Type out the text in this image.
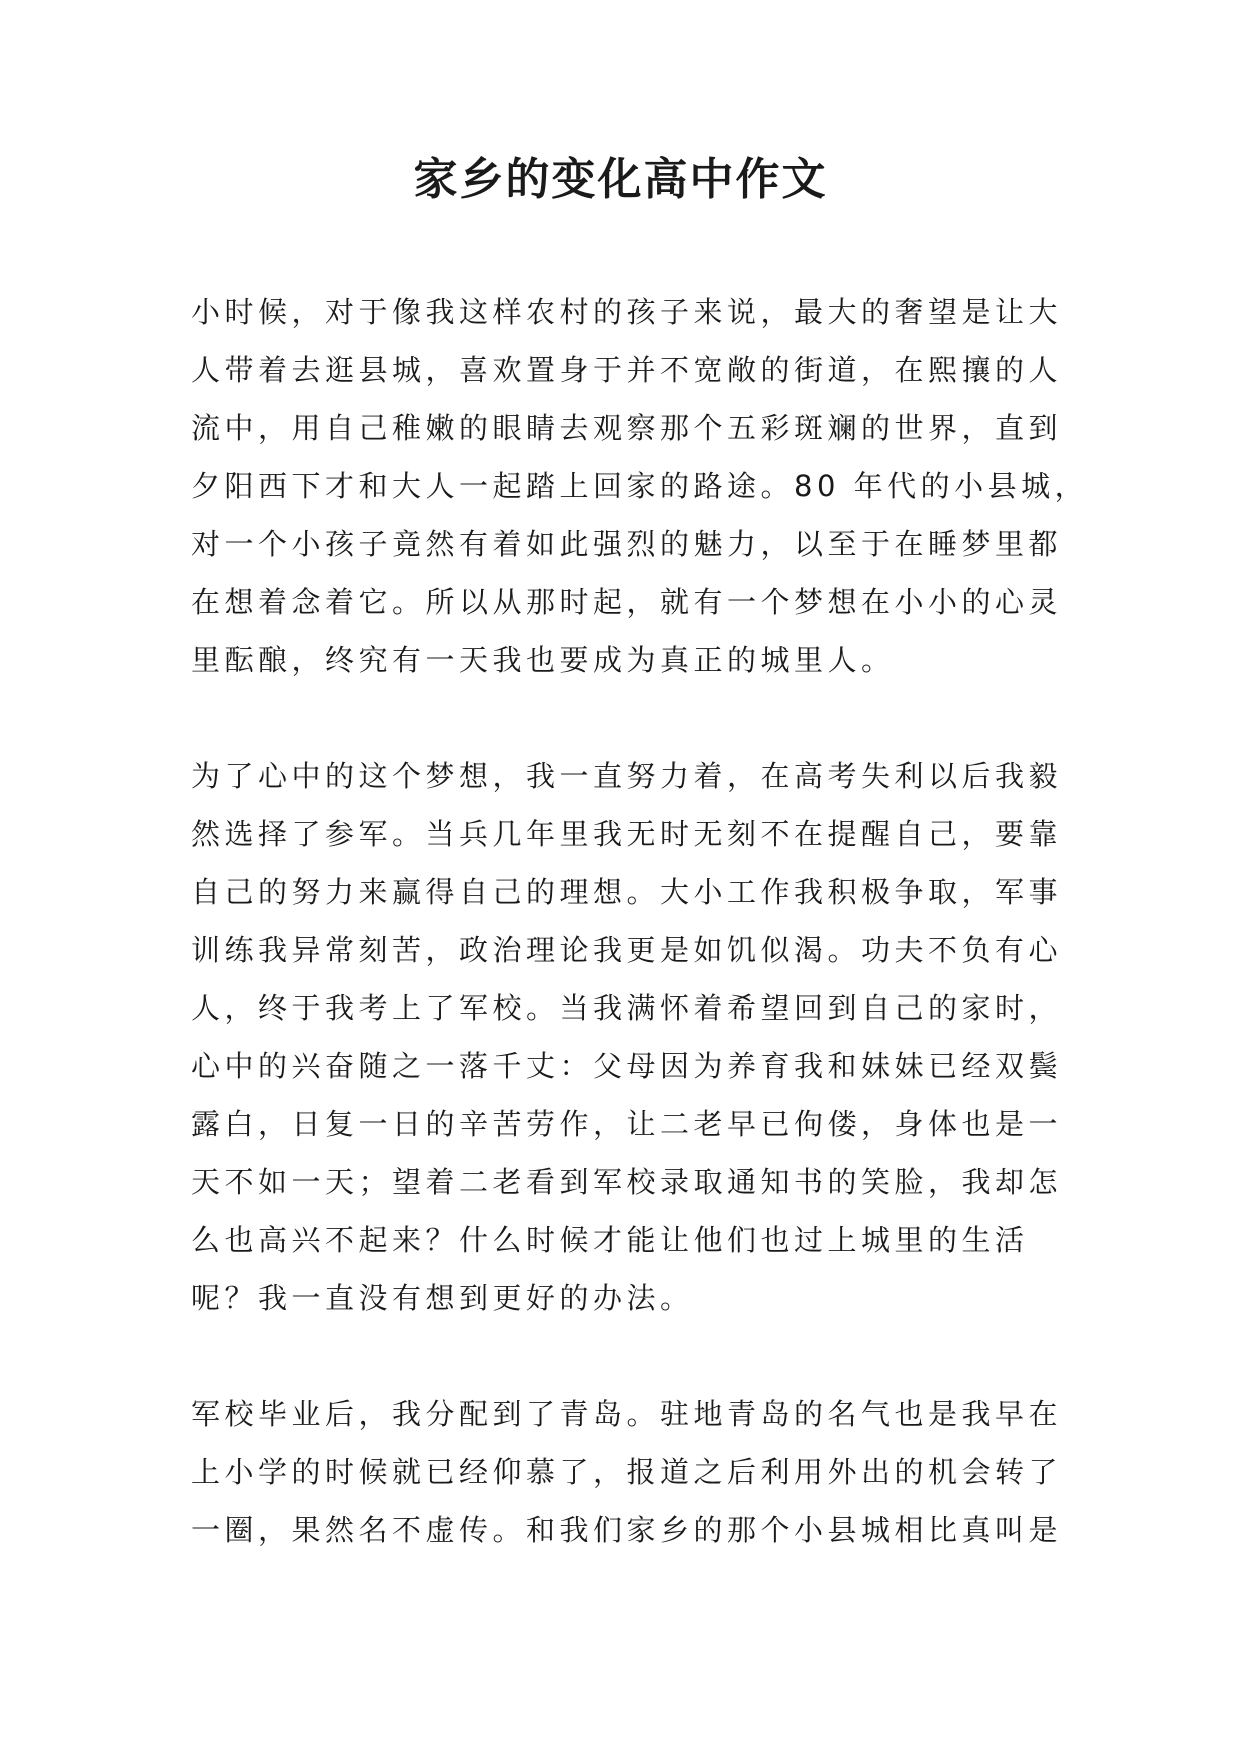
家乡的变化高中作文
小时候，对于像我这样农村的孩子来说，最大的奢望是让大
人带着去逛县城，喜欢置身于并不宽敞的街道，在熙攘的人
流中，用自己稚嫩的眼睛去观察那个五彩斑斓的世界，直到
夕阳西下才和大人一起踏上回家的路途。80 年代的小县城，
对一个小孩子竟然有着如此强烈的魅力，以至于在睡梦里都
在想着念着它。所以从那时起，就有一个梦想在小小的心灵
里酝酿，终究有一天我也要成为真正的城里人。
为了心中的这个梦想，我一直努力着，在高考失利以后我毅
然选择了参军。当兵几年里我无时无刻不在提醒自己，要靠
自己的努力来赢得自己的理想。大小工作我积极争取，军事
训练我异常刻苦，政治理论我更是如饥似渴。功夫不负有心
人，终于我考上了军校。当我满怀着希望回到自己的家时，
心中的兴奋随之一落千丈：父母因为养育我和妹妹已经双鬓
露白，日复一日的辛苦劳作，让二老早已佝偻，身体也是一
天不如一天；望着二老看到军校录取通知书的笑脸，我却怎
么也高兴不起来？什么时候才能让他们也过上城里的生活
呢？我一直没有想到更好的办法。
军校毕业后，我分配到了青岛。驻地青岛的名气也是我早在
上小学的时候就已经仰慕了，报道之后利用外出的机会转了
一圈，果然名不虚传。和我们家乡的那个小县城相比真叫是
